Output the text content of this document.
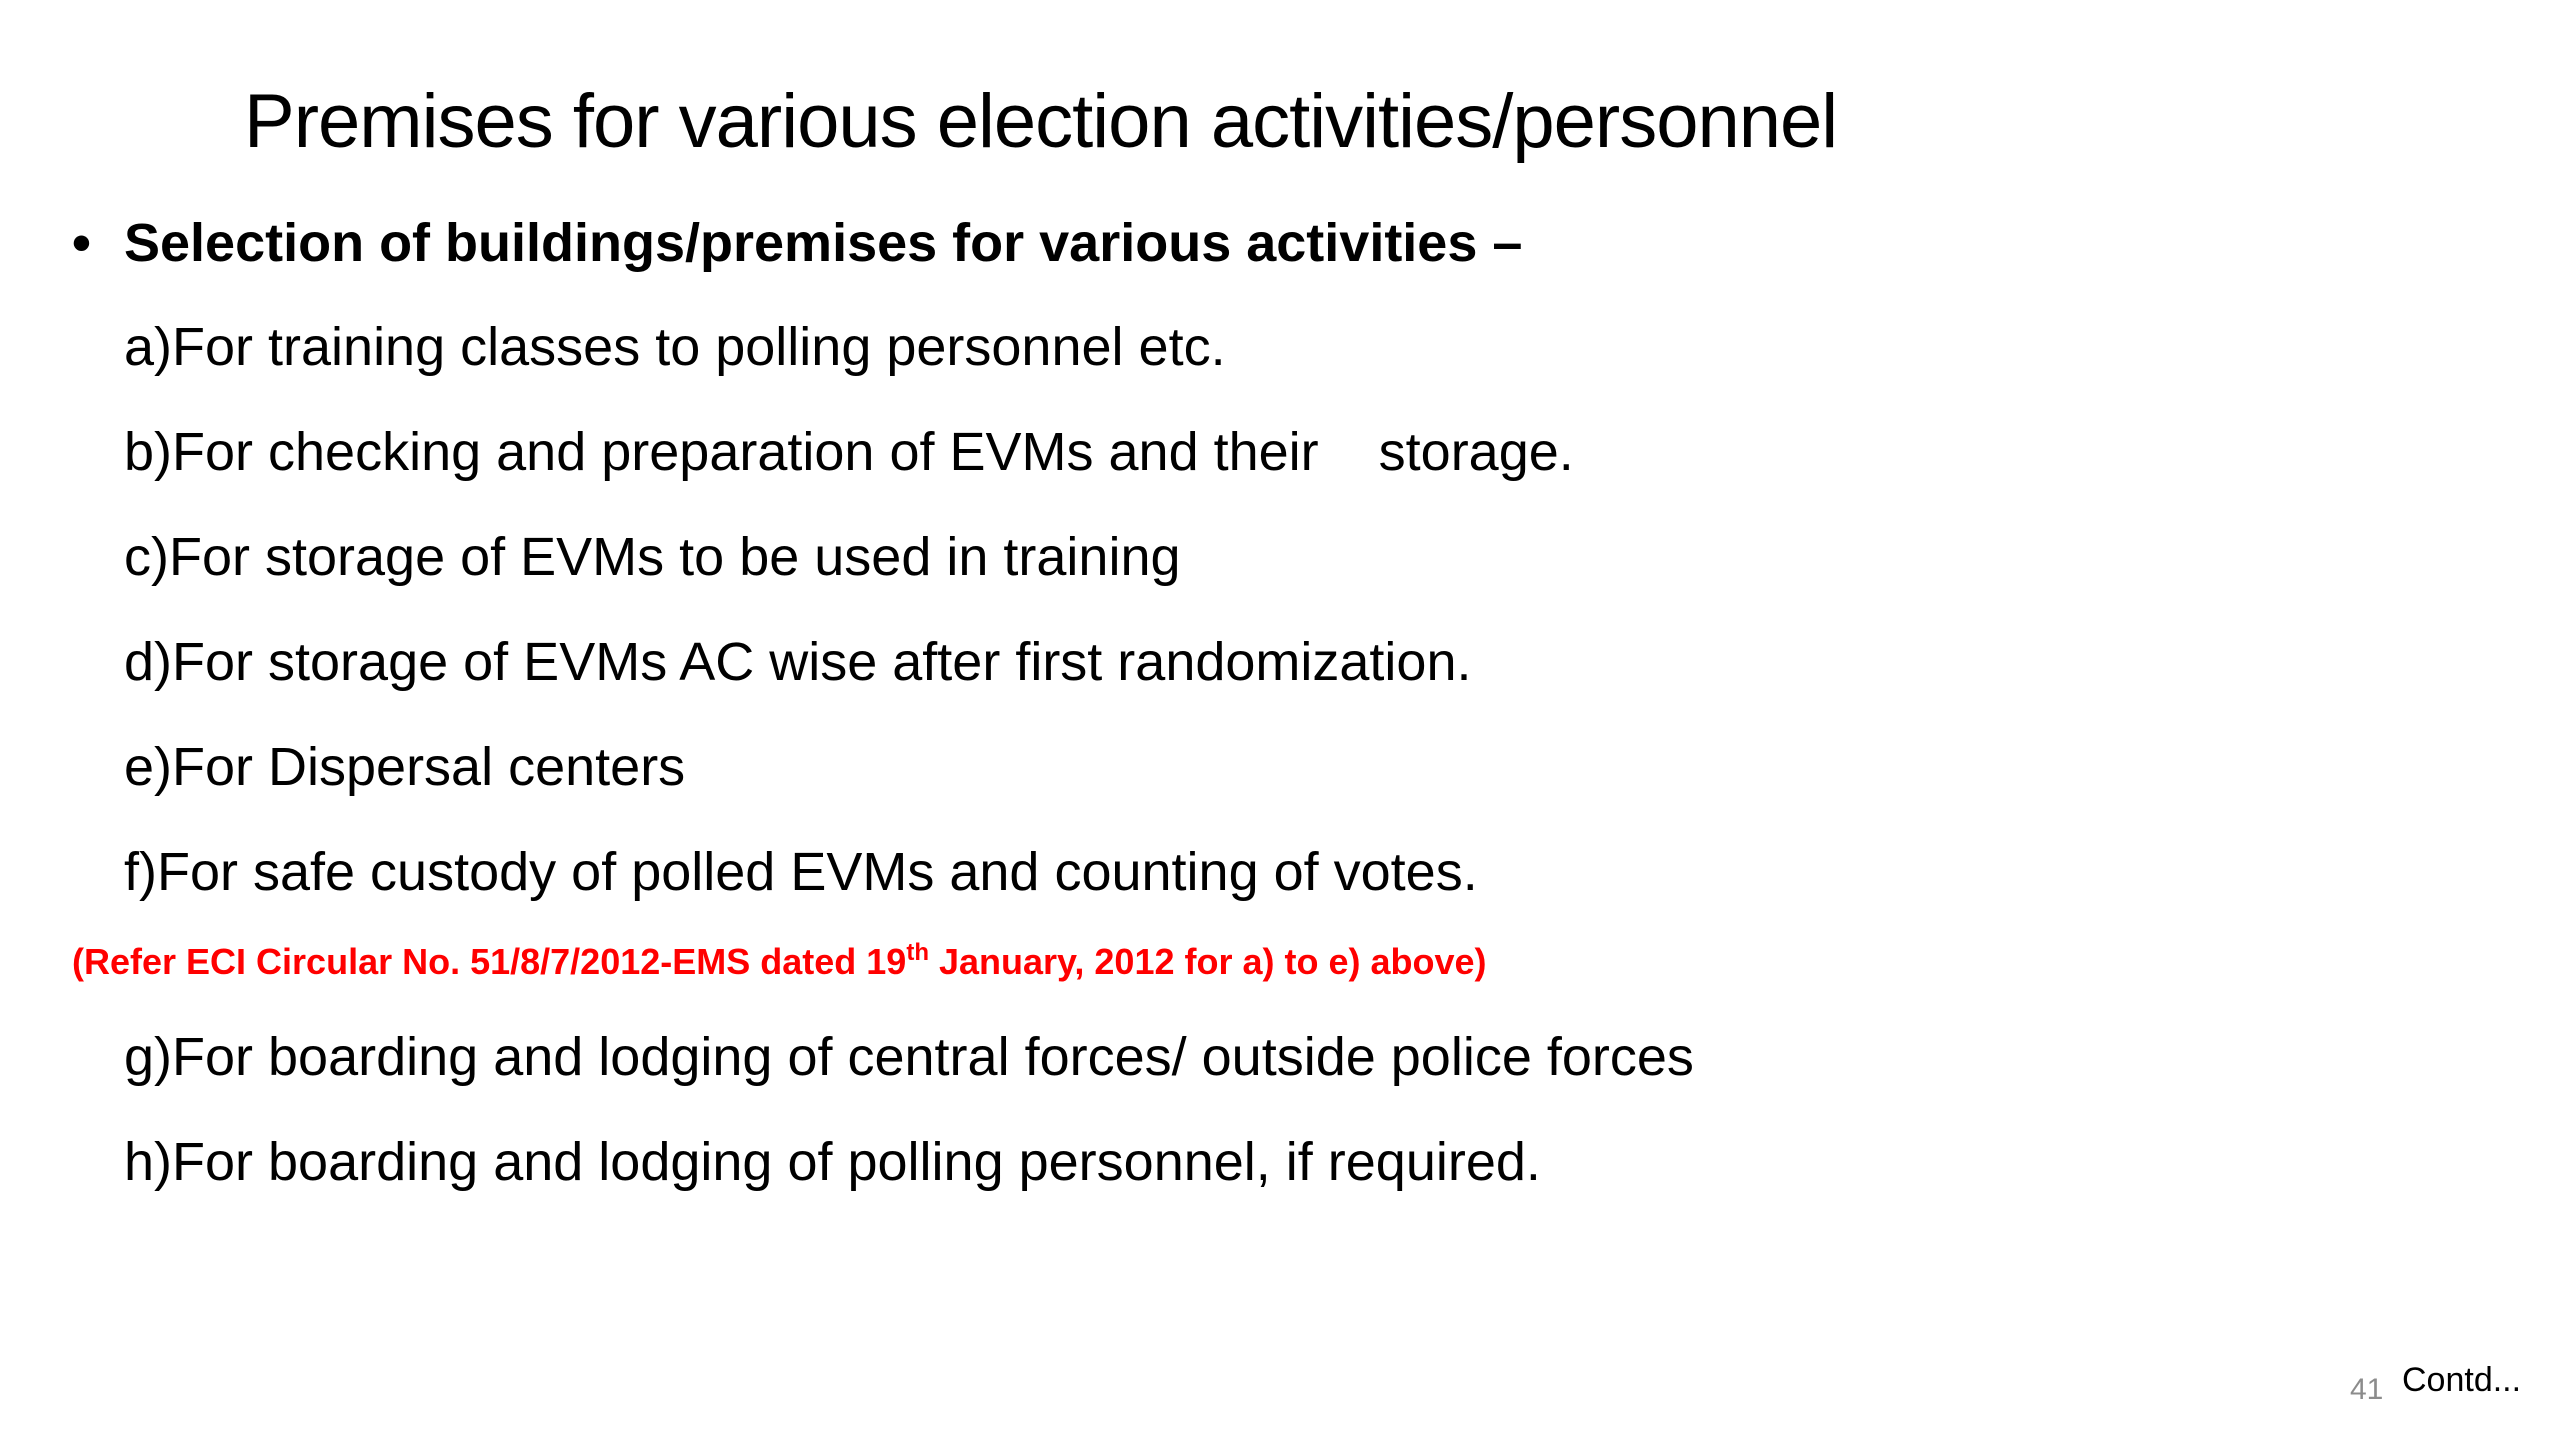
Premises for various election activities/personnel
• Selection of buildings/premises for various activities –
a)For training classes to polling personnel etc.
b)For checking and preparation of EVMs and their storage.
c)For storage of EVMs to be used in training
d)For storage of EVMs AC wise after first randomization.
e)For Dispersal centers
f)For safe custody of polled EVMs and counting of votes.
(Refer ECI Circular No. 51/8/7/2012-EMS dated 19th January, 2012 for a) to e) above)
g)For boarding and lodging of central forces/ outside police forces
h)For boarding and lodging of polling personnel, if required.
41 Contd...
